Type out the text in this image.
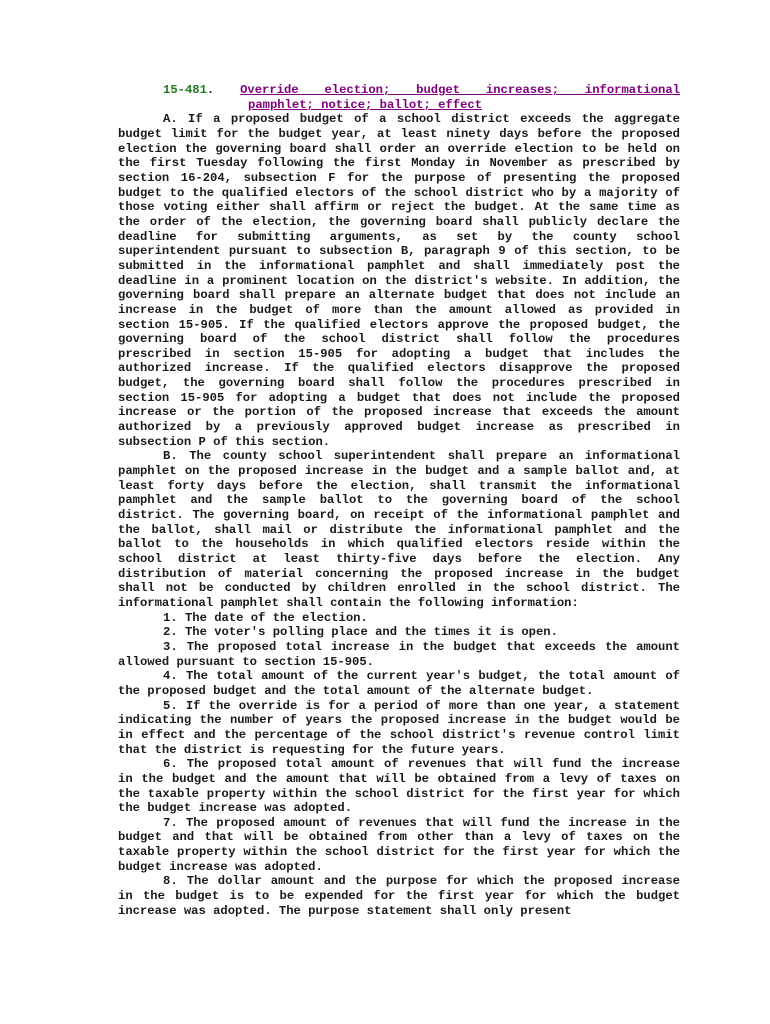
15-481. Override election; budget increases; informational

pamphlet; notice; ballot; effect

A. If a proposed budget of a school district exceeds the aggregate budget limit for the budget year, at least ninety days before the proposed election the governing board shall order an override election to be held on the first Tuesday following the first Monday in November as prescribed by section 16-204, subsection F for the purpose of presenting the proposed budget to the qualified electors of the school district who by a majority of those voting either shall affirm or reject the budget. At the same time as the order of the election, the governing board shall publicly declare the deadline for submitting arguments, as set by the county school superintendent pursuant to subsection B, paragraph 9 of this section, to be submitted in the informational pamphlet and shall immediately post the deadline in a prominent location on the district's website. In addition, the governing board shall prepare an alternate budget that does not include an increase in the budget of more than the amount allowed as provided in section 15-905. If the qualified electors approve the proposed budget, the governing board of the school district shall follow the procedures prescribed in section 15-905 for adopting a budget that includes the authorized increase. If the qualified electors disapprove the proposed budget, the governing board shall follow the procedures prescribed in section 15-905 for adopting a budget that does not include the proposed increase or the portion of the proposed increase that exceeds the amount authorized by a previously approved budget increase as prescribed in subsection P of this section.

B. The county school superintendent shall prepare an informational pamphlet on the proposed increase in the budget and a sample ballot and, at least forty days before the election, shall transmit the informational pamphlet and the sample ballot to the governing board of the school district. The governing board, on receipt of the informational pamphlet and the ballot, shall mail or distribute the informational pamphlet and the ballot to the households in which qualified electors reside within the school district at least thirty-five days before the election. Any distribution of material concerning the proposed increase in the budget shall not be conducted by children enrolled in the school district. The informational pamphlet shall contain the following information:

1. The date of the election.

2. The voter's polling place and the times it is open.

3. The proposed total increase in the budget that exceeds the amount allowed pursuant to section 15-905.

4. The total amount of the current year's budget, the total amount of the proposed budget and the total amount of the alternate budget.

5. If the override is for a period of more than one year, a statement indicating the number of years the proposed increase in the budget would be in effect and the percentage of the school district's revenue control limit that the district is requesting for the future years.

6. The proposed total amount of revenues that will fund the increase in the budget and the amount that will be obtained from a levy of taxes on the taxable property within the school district for the first year for which the budget increase was adopted.

7. The proposed amount of revenues that will fund the increase in the budget and that will be obtained from other than a levy of taxes on the taxable property within the school district for the first year for which the budget increase was adopted.

8. The dollar amount and the purpose for which the proposed increase in the budget is to be expended for the first year for which the budget increase was adopted. The purpose statement shall only present
